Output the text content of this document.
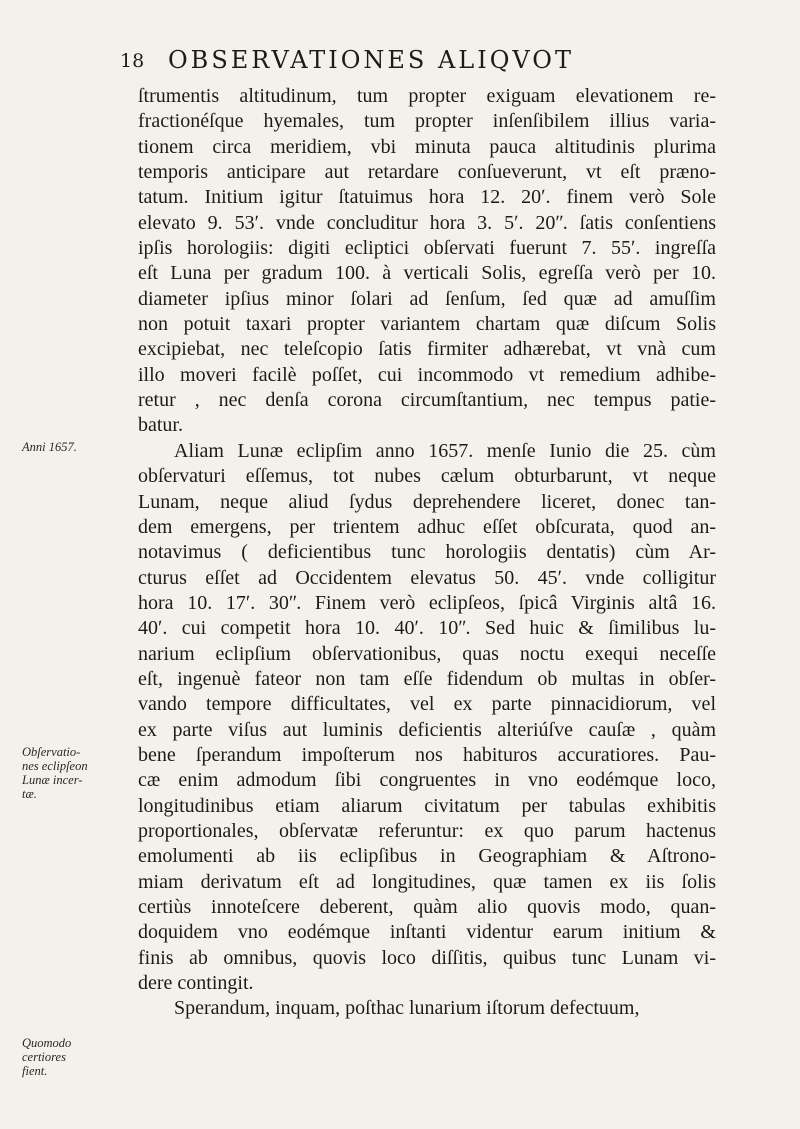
18 OBSERVATIONES ALIQVOT
ſtrumentis altitudinum, tum propter exiguam elevationem re-
fractionéſque hyemales, tum propter inſenſibilem illius varia-
tionem circa meridiem, vbi minuta pauca altitudinis plurima
temporis anticipare aut retardare conſueverunt, vt eſt præno-
tatum. Initium igitur ſtatuimus hora 12. 20ʹ. finem verò Sole
elevato 9. 53ʹ. vnde concluditur hora 3. 5ʹ. 20ʺ. ſatis conſentiens
ipſis horologiis: digiti ecliptici obſervati fuerunt 7. 55ʹ. ingreſſa
eſt Luna per gradum 100. à verticali Solis, egreſſa verò per 10.
diameter ipſius minor ſolari ad ſenſum, ſed quæ ad amuſſim
non potuit taxari propter variantem chartam quæ diſcum Solis
excipiebat, nec teleſcopio ſatis firmiter adhærebat, vt vnà cum
illo moveri facilè poſſet, cui incommodo vt remedium adhibe-
retur , nec denſa corona circumſtantium, nec tempus patie-
batur.
Aliam Lunæ eclipſim anno 1657. menſe Iunio die 25. cùm
obſervaturi eſſemus, tot nubes cælum obturbarunt, vt neque
Lunam, neque aliud ſydus deprehendere liceret, donec tan-
dem emergens, per trientem adhuc eſſet obſcurata, quod an-
notavimus ( deficientibus tunc horologiis dentatis) cùm Ar-
cturus eſſet ad Occidentem elevatus 50. 45ʹ. vnde colligitur
hora 10. 17ʹ. 30ʺ. Finem verò eclipſeos, ſpicâ Virginis altâ 16.
40ʹ. cui competit hora 10. 40ʹ. 10ʺ. Sed huic & ſimilibus lu-
narium eclipſium obſervationibus, quas noctu exequi neceſſe
eſt, ingenuè fateor non tam eſſe fidendum ob multas in obſer-
vando tempore difficultates, vel ex parte pinnacidiorum, vel
ex parte viſus aut luminis deficientis alteriúſve cauſæ , quàm
bene ſperandum impoſterum nos habituros accuratiores. Pau-
cæ enim admodum ſibi congruentes in vno eodémque loco,
longitudinibus etiam aliarum civitatum per tabulas exhibitis
proportionales, obſervatæ referuntur: ex quo parum hactenus
emolumenti ab iis eclipſibus in Geographiam & Aſtrono-
miam derivatum eſt ad longitudines, quæ tamen ex iis ſolis
certiùs innoteſcere deberent, quàm alio quovis modo, quan-
doquidem vno eodémque inſtanti videntur earum initium &
finis ab omnibus, quovis loco diſſitis, quibus tunc Lunam vi-
dere contingit.
Sperandum, inquam, poſthac lunarium iſtorum defectuum,
Anni 1657.
Obſervatio-
nes eclipſeon
Lunæ incer-
tæ.
Quomodo
certiores
fient.
